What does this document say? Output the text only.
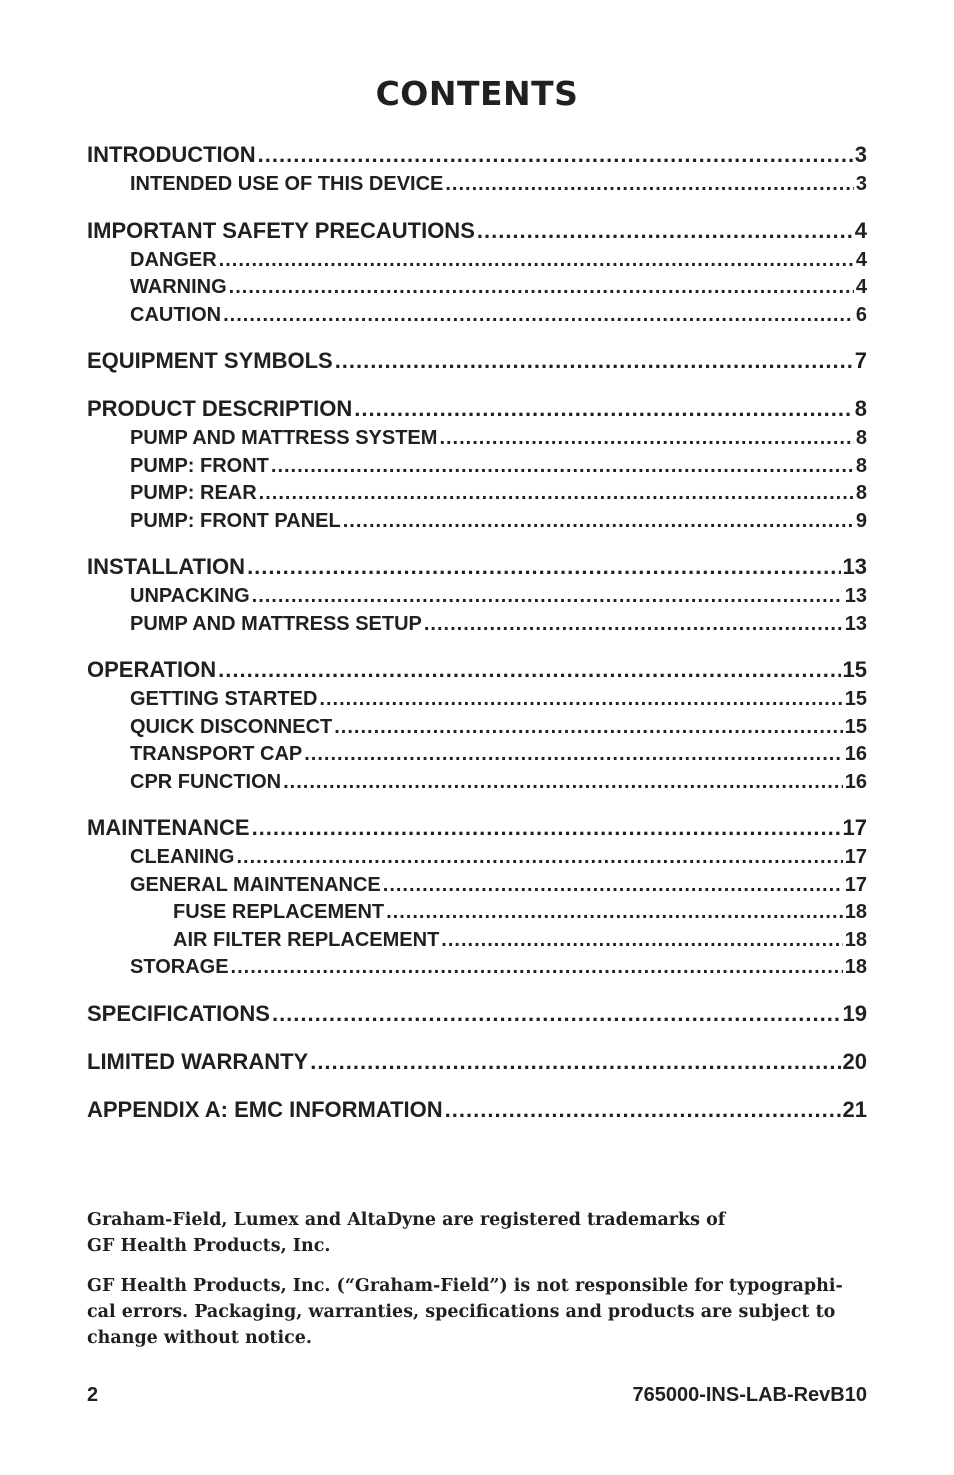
CONTENTS
INTRODUCTION .....	3
INTENDED USE OF THIS DEVICE .....	3
IMPORTANT SAFETY PRECAUTIONS .....	4
DANGER .....	4
WARNING .....	4
CAUTION .....	6
EQUIPMENT SYMBOLS .....	7
PRODUCT DESCRIPTION .....	8
PUMP AND MATTRESS SYSTEM .....	8
PUMP: FRONT .....	8
PUMP: REAR .....	8
PUMP: FRONT PANEL .....	9
INSTALLATION .....	13
UNPACKING .....	13
PUMP AND MATTRESS SETUP .....	13
OPERATION .....	15
GETTING STARTED .....	15
QUICK DISCONNECT .....	15
TRANSPORT CAP .....	16
CPR FUNCTION .....	16
MAINTENANCE .....	17
CLEANING .....	17
GENERAL MAINTENANCE .....	17
FUSE REPLACEMENT .....	18
AIR FILTER REPLACEMENT .....	18
STORAGE .....	18
SPECIFICATIONS .....	19
LIMITED WARRANTY .....	20
APPENDIX A: EMC INFORMATION .....	21

Graham-Field, Lumex and AltaDyne are registered trademarks of
GF Health Products, Inc.

GF Health Products, Inc. (“Graham-Field”) is not responsible for typographi-
cal errors. Packaging, warranties, specifications and products are subject to
change without notice.

2	765000-INS-LAB-RevB10
